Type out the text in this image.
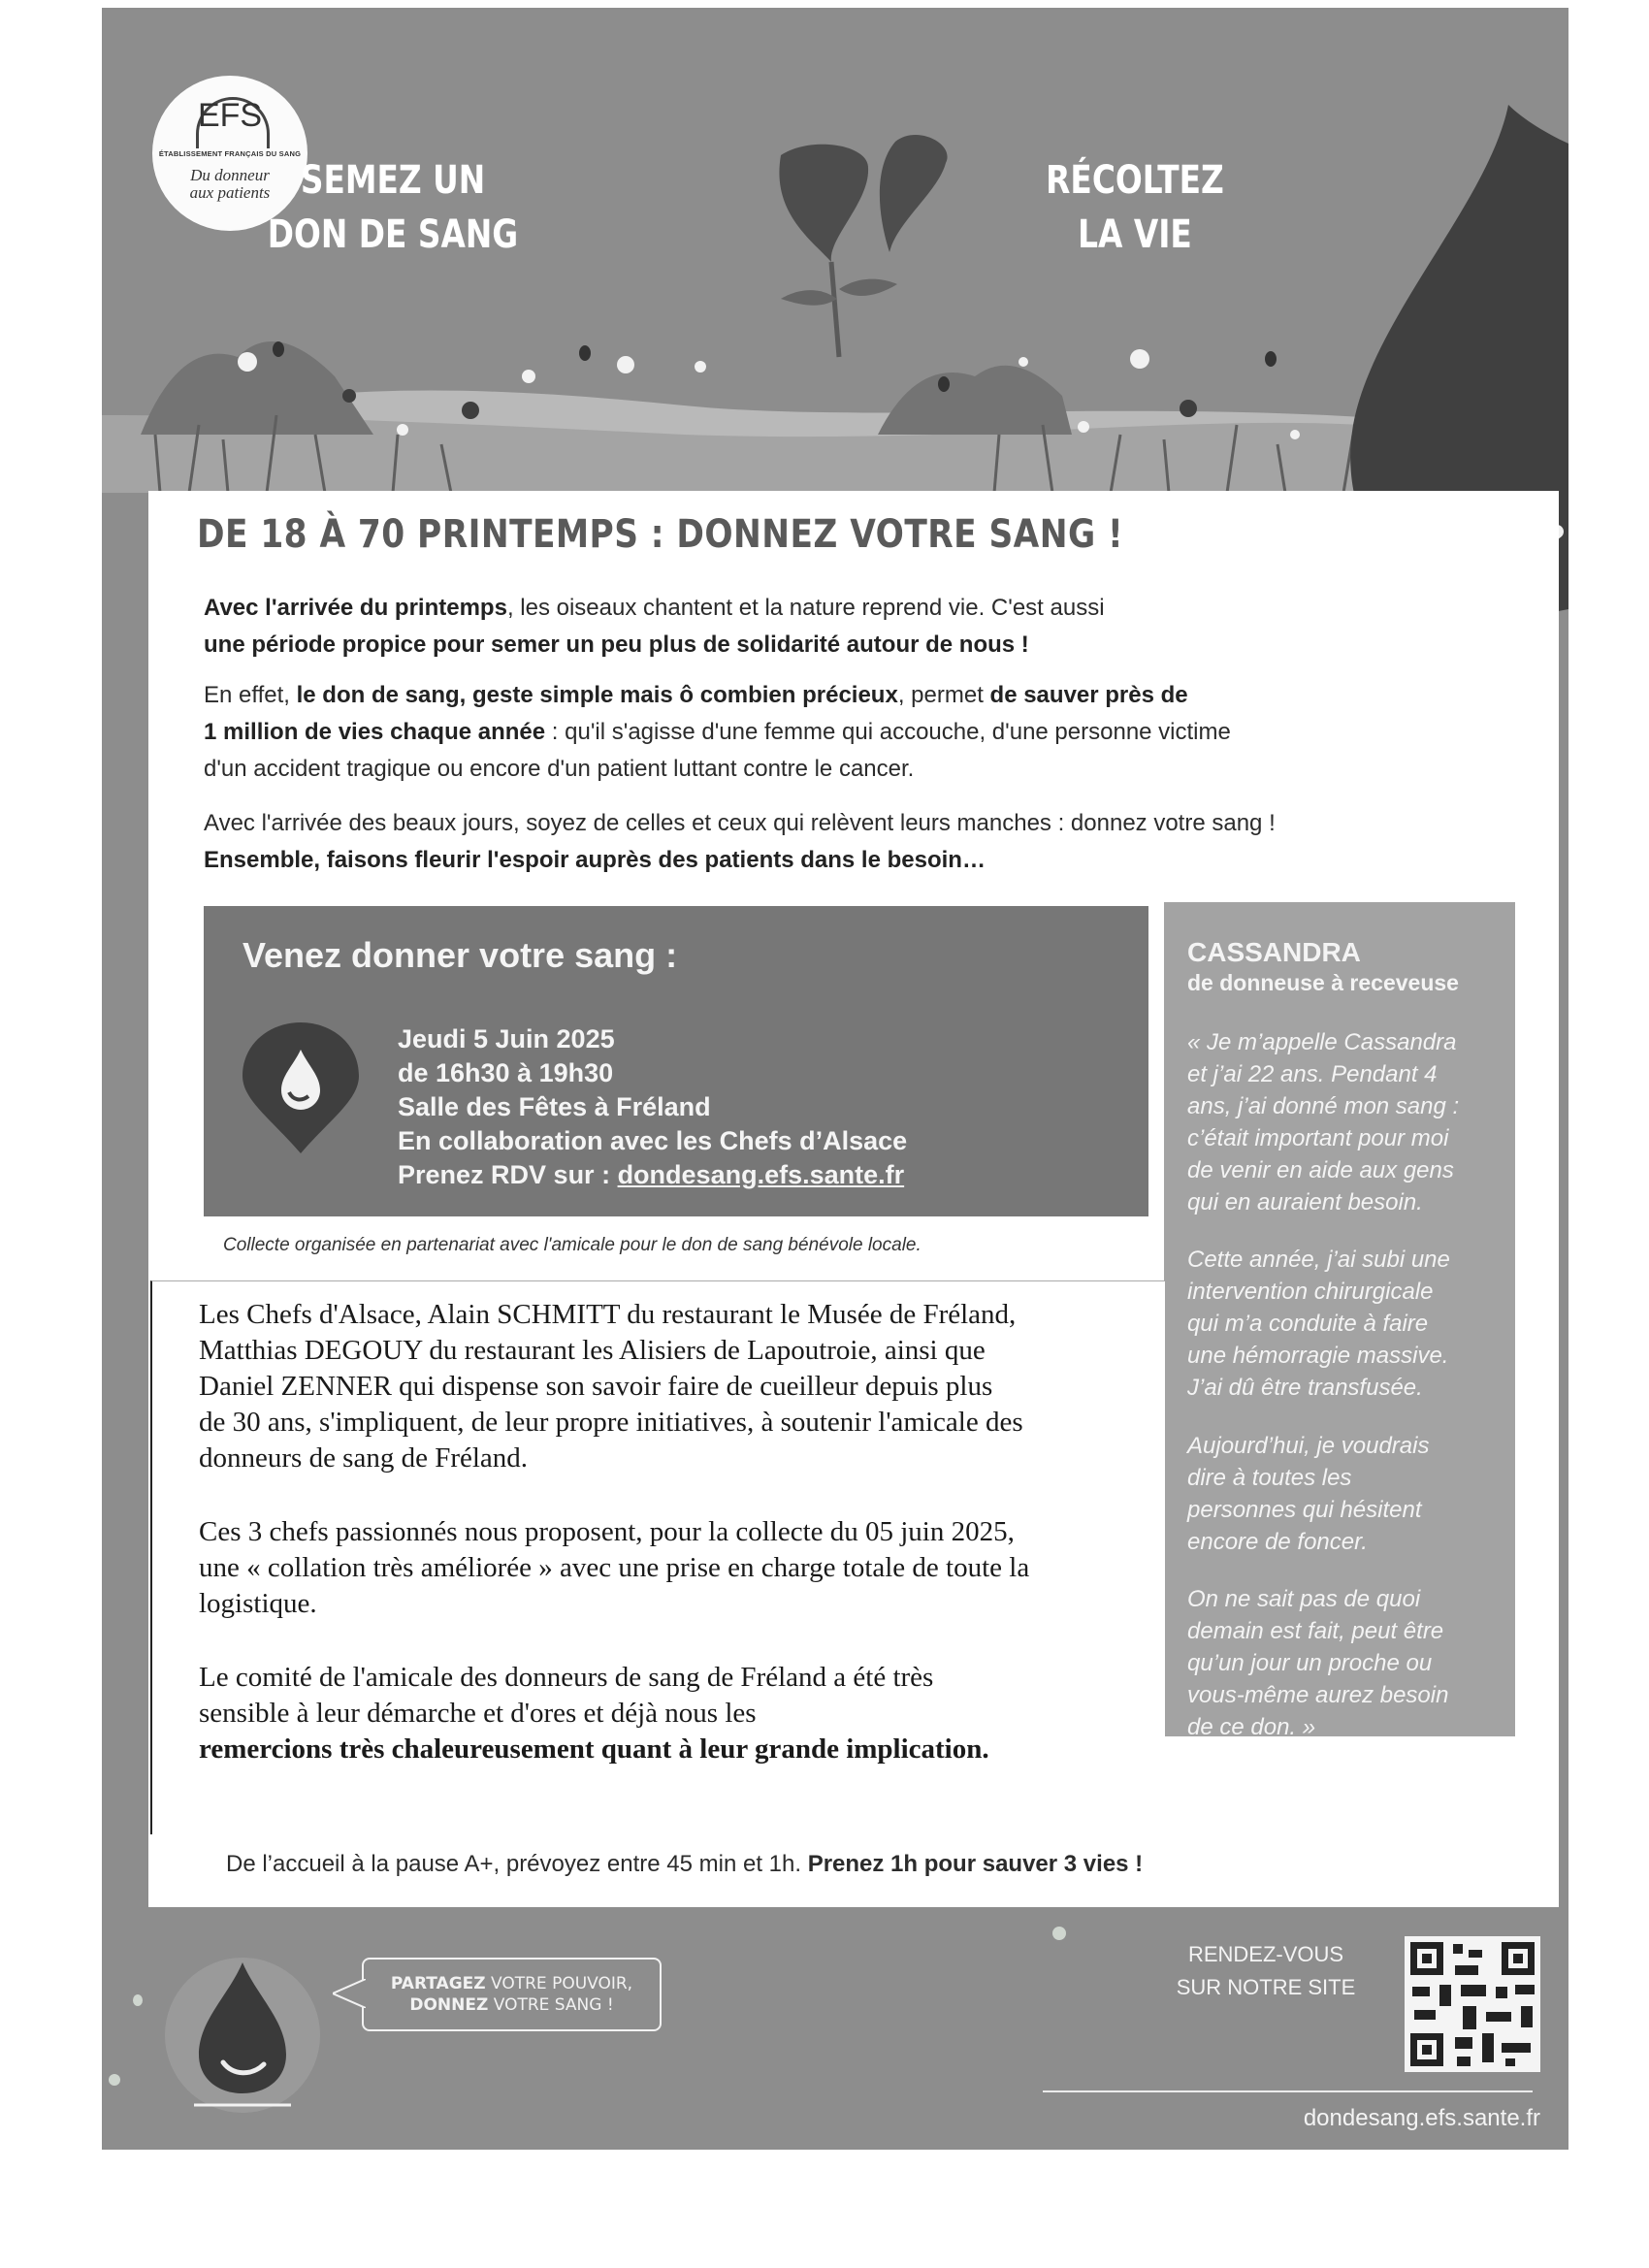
EFS
ÉTABLISSEMENT FRANÇAIS DU SANG
Du donneur
aux patients SEMEZ UN
DON DE SANG
RÉCOLTEZ
LA VIE
DE 18 À 70 PRINTEMPS : DONNEZ VOTRE SANG !

Avec l'arrivée du printemps, les oiseaux chantent et la nature reprend vie. C'est aussi
une période propice pour semer un peu plus de solidarité autour de nous !

En effet, le don de sang, geste simple mais ô combien précieux, permet de sauver près de
1 million de vies chaque année : qu'il s'agisse d'une femme qui accouche, d'une personne victime
d'un accident tragique ou encore d'un patient luttant contre le cancer.

Avec l'arrivée des beaux jours, soyez de celles et ceux qui relèvent leurs manches : donnez votre sang !
Ensemble, faisons fleurir l'espoir auprès des patients dans le besoin…

Venez donner votre sang :
Jeudi 5 Juin 2025
de 16h30 à 19h30
Salle des Fêtes à Fréland
En collaboration avec les Chefs d’Alsace
Prenez RDV sur : dondesang.efs.sante.fr
CASSANDRA
de donneuse à receveuse

« Je m’appelle Cassandra
et j’ai 22 ans. Pendant 4
ans, j’ai donné mon sang :
c’était important pour moi
de venir en aide aux gens
qui en auraient besoin.

Cette année, j’ai subi une
intervention chirurgicale
qui m’a conduite à faire
une hémorragie massive.
J’ai dû être transfusée.

Aujourd’hui, je voudrais
dire à toutes les
personnes qui hésitent
encore de foncer.

On ne sait pas de quoi
demain est fait, peut être
qu’un jour un proche ou
vous-même aurez besoin
de ce don. »

Collecte organisée en partenariat avec l'amicale pour le don de sang bénévole locale.

Les Chefs d'Alsace, Alain SCHMITT du restaurant le Musée de Fréland,
Matthias DEGOUY du restaurant les Alisiers de Lapoutroie, ainsi que
Daniel ZENNER qui dispense son savoir faire de cueilleur depuis plus
de 30 ans, s'impliquent, de leur propre initiatives, à soutenir l'amicale des
donneurs de sang de Fréland.

Ces 3 chefs passionnés nous proposent, pour la collecte du 05 juin 2025,
une « collation très améliorée » avec une prise en charge totale de toute la
logistique.

Le comité de l'amicale des donneurs de sang de Fréland a été très
sensible à leur démarche et d'ores et déjà nous les
remercions très chaleureusement quant à leur grande implication.

De l’accueil à la pause A+, prévoyez entre 45 min et 1h. Prenez 1h pour sauver 3 vies !
PARTAGEZ VOTRE POUVOIR,
DONNEZ VOTRE SANG !
RENDEZ-VOUS
SUR NOTRE SITE
dondesang.efs.sante.fr
